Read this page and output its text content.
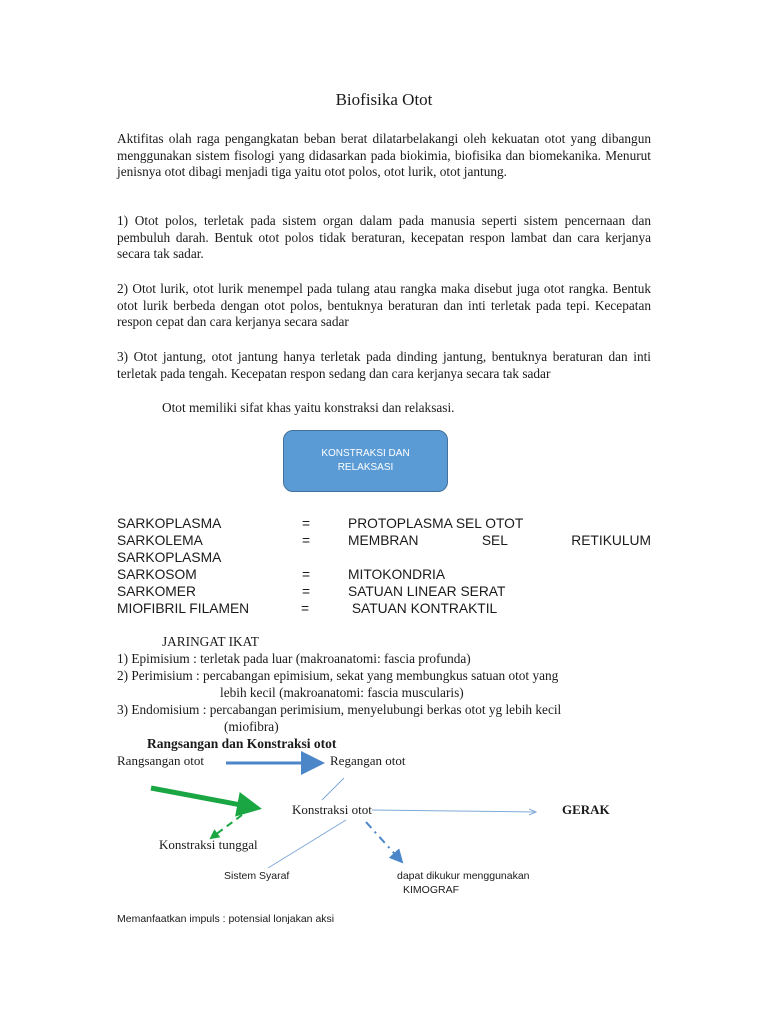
Biofisika Otot
Aktifitas olah raga pengangkatan beban berat dilatarbelakangi oleh kekuatan otot yang dibangun menggunakan sistem fisologi yang didasarkan pada biokimia, biofisika dan biomekanika. Menurut jenisnya otot dibagi menjadi tiga yaitu otot polos, otot lurik, otot jantung.
1) Otot polos, terletak pada sistem organ dalam pada manusia seperti sistem pencernaan dan pembuluh darah. Bentuk otot polos tidak beraturan, kecepatan respon lambat dan cara kerjanya secara tak sadar.
2) Otot lurik, otot lurik menempel pada tulang atau rangka maka disebut juga otot rangka. Bentuk otot lurik berbeda dengan otot polos, bentuknya beraturan dan inti terletak pada tepi. Kecepatan respon cepat dan cara kerjanya secara sadar
3) Otot jantung, otot jantung hanya terletak pada dinding jantung, bentuknya beraturan dan inti terletak pada tengah. Kecepatan respon sedang dan cara kerjanya secara tak sadar
Otot memiliki sifat khas yaitu konstraksi dan relaksasi.
KONSTRAKSI DAN RELAKSASI
SARKOPLASMA	=	PROTOPLASMA SEL OTOT
SARKOLEMA	=	MEMBRAN	SEL	RETIKULUM
SARKOPLASMA
SARKOSOM	=	MITOKONDRIA
SARKOMER	=	SATUAN LINEAR SERAT
MIOFIBRIL FILAMEN	=	SATUAN KONTRAKTIL
JARINGAT IKAT
1) Epimisium : terletak pada luar (makroanatomi: fascia profunda)
2) Perimisium : percabangan epimisium, sekat yang membungkus satuan otot yang
lebih kecil (makroanatomi: fascia muscularis)
3) Endomisium : percabangan perimisium, menyelubungi berkas otot yg lebih kecil
(miofibra)
Rangsangan dan Konstraksi otot
Rangsangan otot	Regangan otot
Konstraksi otot	GERAK
Konstraksi tunggal
Sistem Syaraf	dapat dikukur menggunakan
KIMOGRAF
Memanfaatkan impuls : potensial lonjakan aksi
